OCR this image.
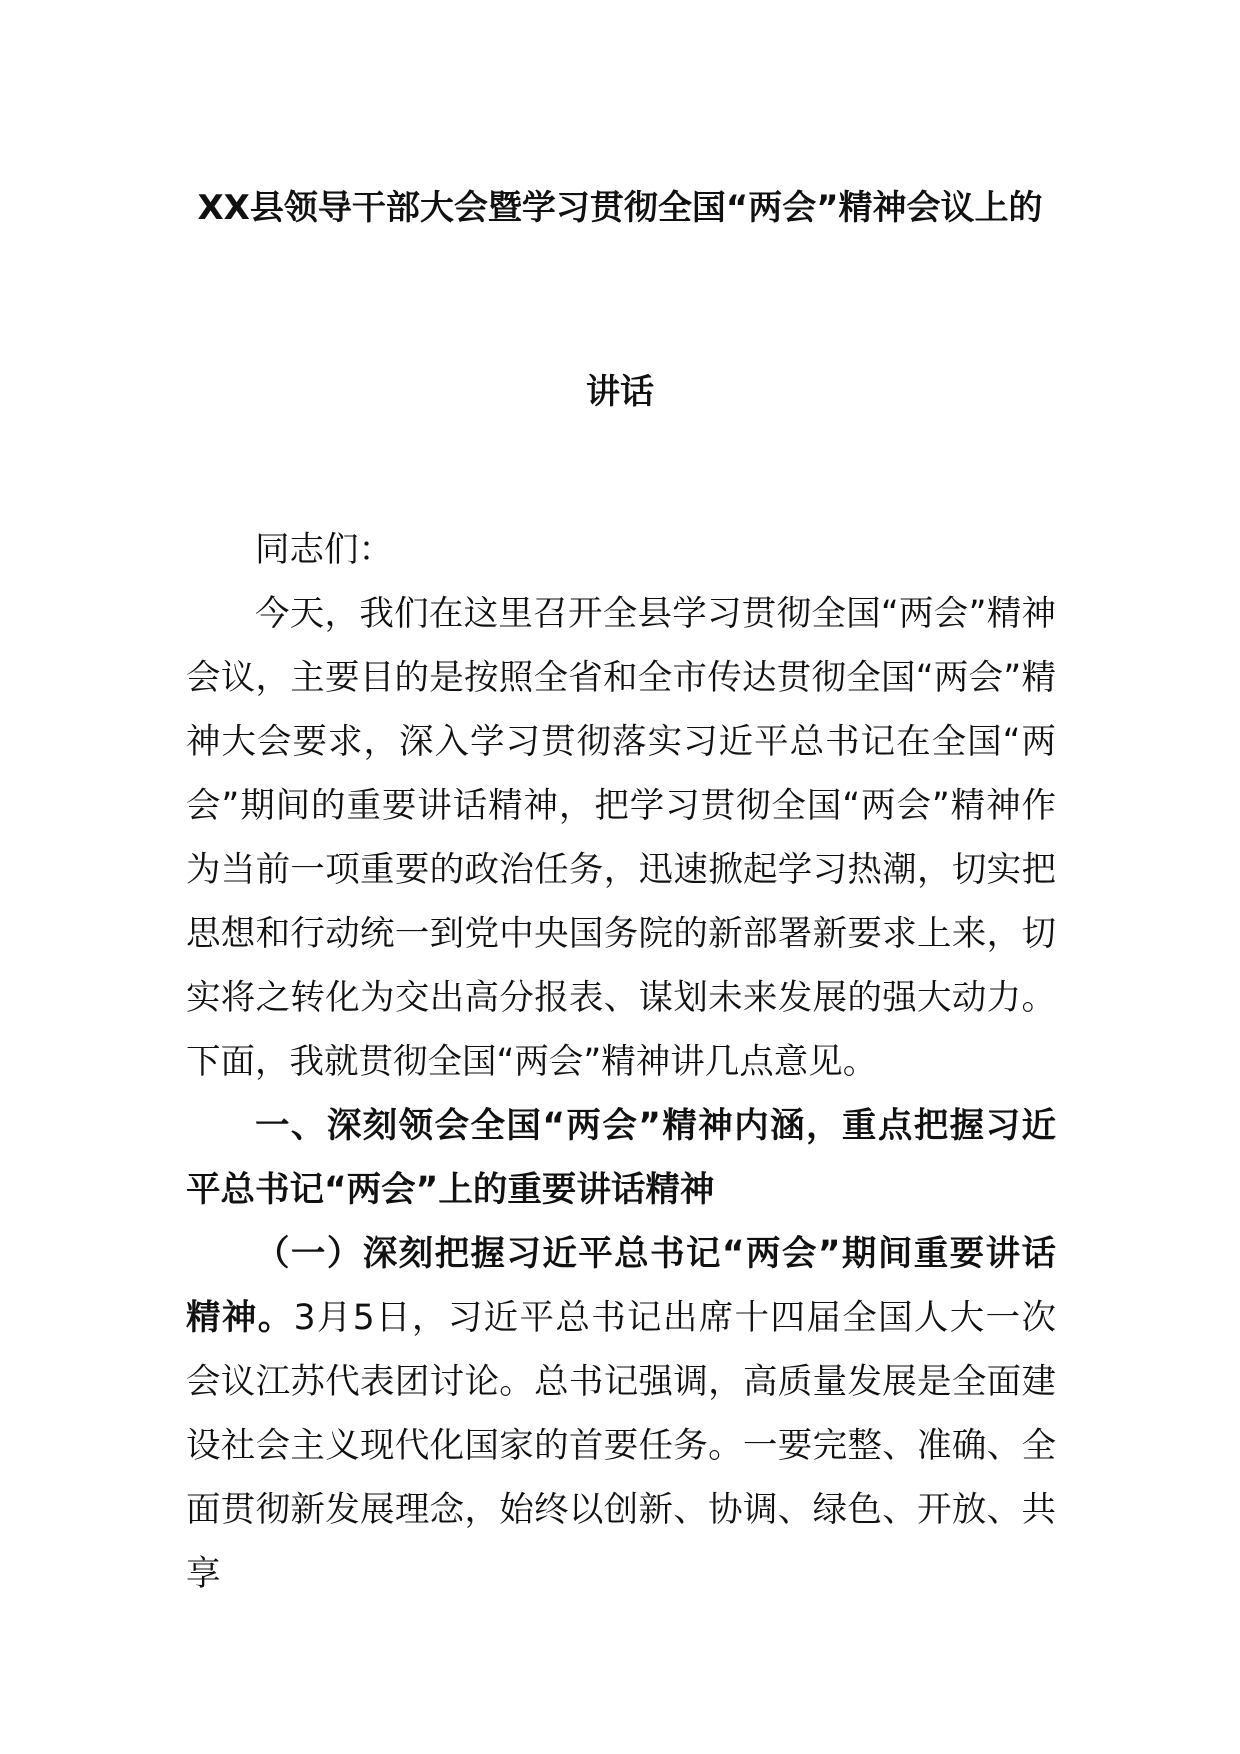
XX县领导干部大会暨学习贯彻全国“两会”精神会议上的
讲话

同志们：

今天，我们在这里召开全县学习贯彻全国“两会”精神会议，主要目的是按照全省和全市传达贯彻全国“两会”精神大会要求，深入学习贯彻落实习近平总书记在全国“两会”期间的重要讲话精神，把学习贯彻全国“两会”精神作为当前一项重要的政治任务，迅速掀起学习热潮，切实把思想和行动统一到党中央国务院的新部署新要求上来，切实将之转化为交出高分报表、谋划未来发展的强大动力。下面，我就贯彻全国“两会”精神讲几点意见。

一、深刻领会全国“两会”精神内涵，重点把握习近平总书记“两会”上的重要讲话精神

（一）深刻把握习近平总书记“两会”期间重要讲话精神。3月5日，习近平总书记出席十四届全国人大一次会议江苏代表团讨论。总书记强调，高质量发展是全面建设社会主义现代化国家的首要任务。一要完整、准确、全面贯彻新发展理念，始终以创新、协调、绿色、开放、共享
